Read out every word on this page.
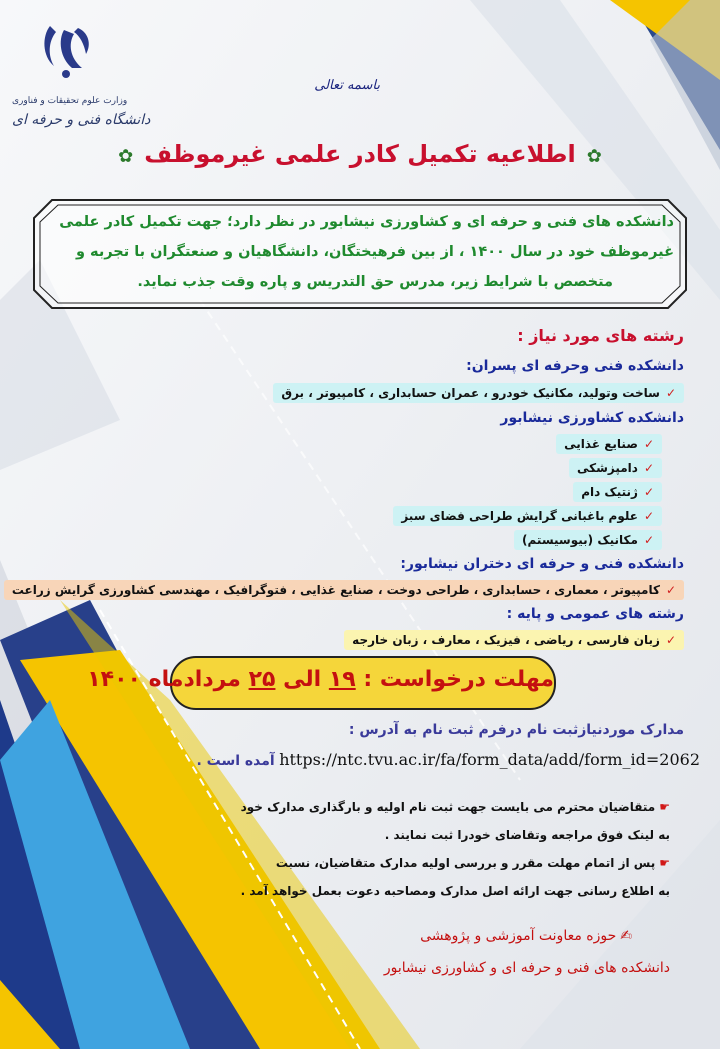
وزارت علوم تحقیقات و فناوری
دانشگاه فنی و حرفه ای
باسمه تعالی
✿ اطلاعیه تکمیل کادر علمی غیرموظف ✿
دانشکده های فنی و حرفه ای و کشاورزی نیشابور در نظر دارد؛ جهت تکمیل کادر علمی
غیرموظف خود در سال ۱۴۰۰ ، از بین فرهیختگان، دانشگاهیان و صنعتگران با تجربه و
متخصص با شرایط زیر، مدرس حق التدریس و پاره وقت جذب نماید.
رشته های مورد نیاز :
دانشکده فنی وحرفه ای پسران:
✓ساخت وتولید، مکانیک خودرو ، عمران حسابداری ، کامپیوتر ، برق
دانشکده کشاورزی نیشابور
✓صنایع غذایی
✓دامپزشکی
✓ژنتیک دام
✓علوم باغبانی گرایش طراحی فضای سبز
✓مکانیک (بیوسیستم)
دانشکده فنی و حرفه ای دختران نیشابور:
✓کامپیوتر ، معماری ، حسابداری ، طراحی دوخت ، صنایع غذایی ، فتوگرافیک ، مهندسی کشاورزی گرایش زراعت
رشته های عمومی و پایه :
✓زبان فارسی ، ریاضی ، فیزیک ، معارف ، زبان خارجه
مهلت درخواست : ۱۹ الی ۲۵ مردادماه ۱۴۰۰
مدارک موردنیازثبت نام درفرم ثبت نام به آدرس :
https://ntc.tvu.ac.ir/fa/form_data/add/form_id=2062 آمده است .
☛متقاضیان محترم می بایست جهت ثبت نام اولیه و بارگذاری مدارک خود
به لینک فوق مراجعه وتقاضای خودرا ثبت نمایند .
☛پس از اتمام مهلت مقرر و بررسی اولیه مدارک متقاضیان، نسبت
به اطلاع رسانی جهت ارائه اصل مدارک ومصاحبه دعوت بعمل خواهد آمد .
✍حوزه معاونت آموزشی و پژوهشی
دانشکده های فنی و حرفه ای و کشاورزی نیشابور
